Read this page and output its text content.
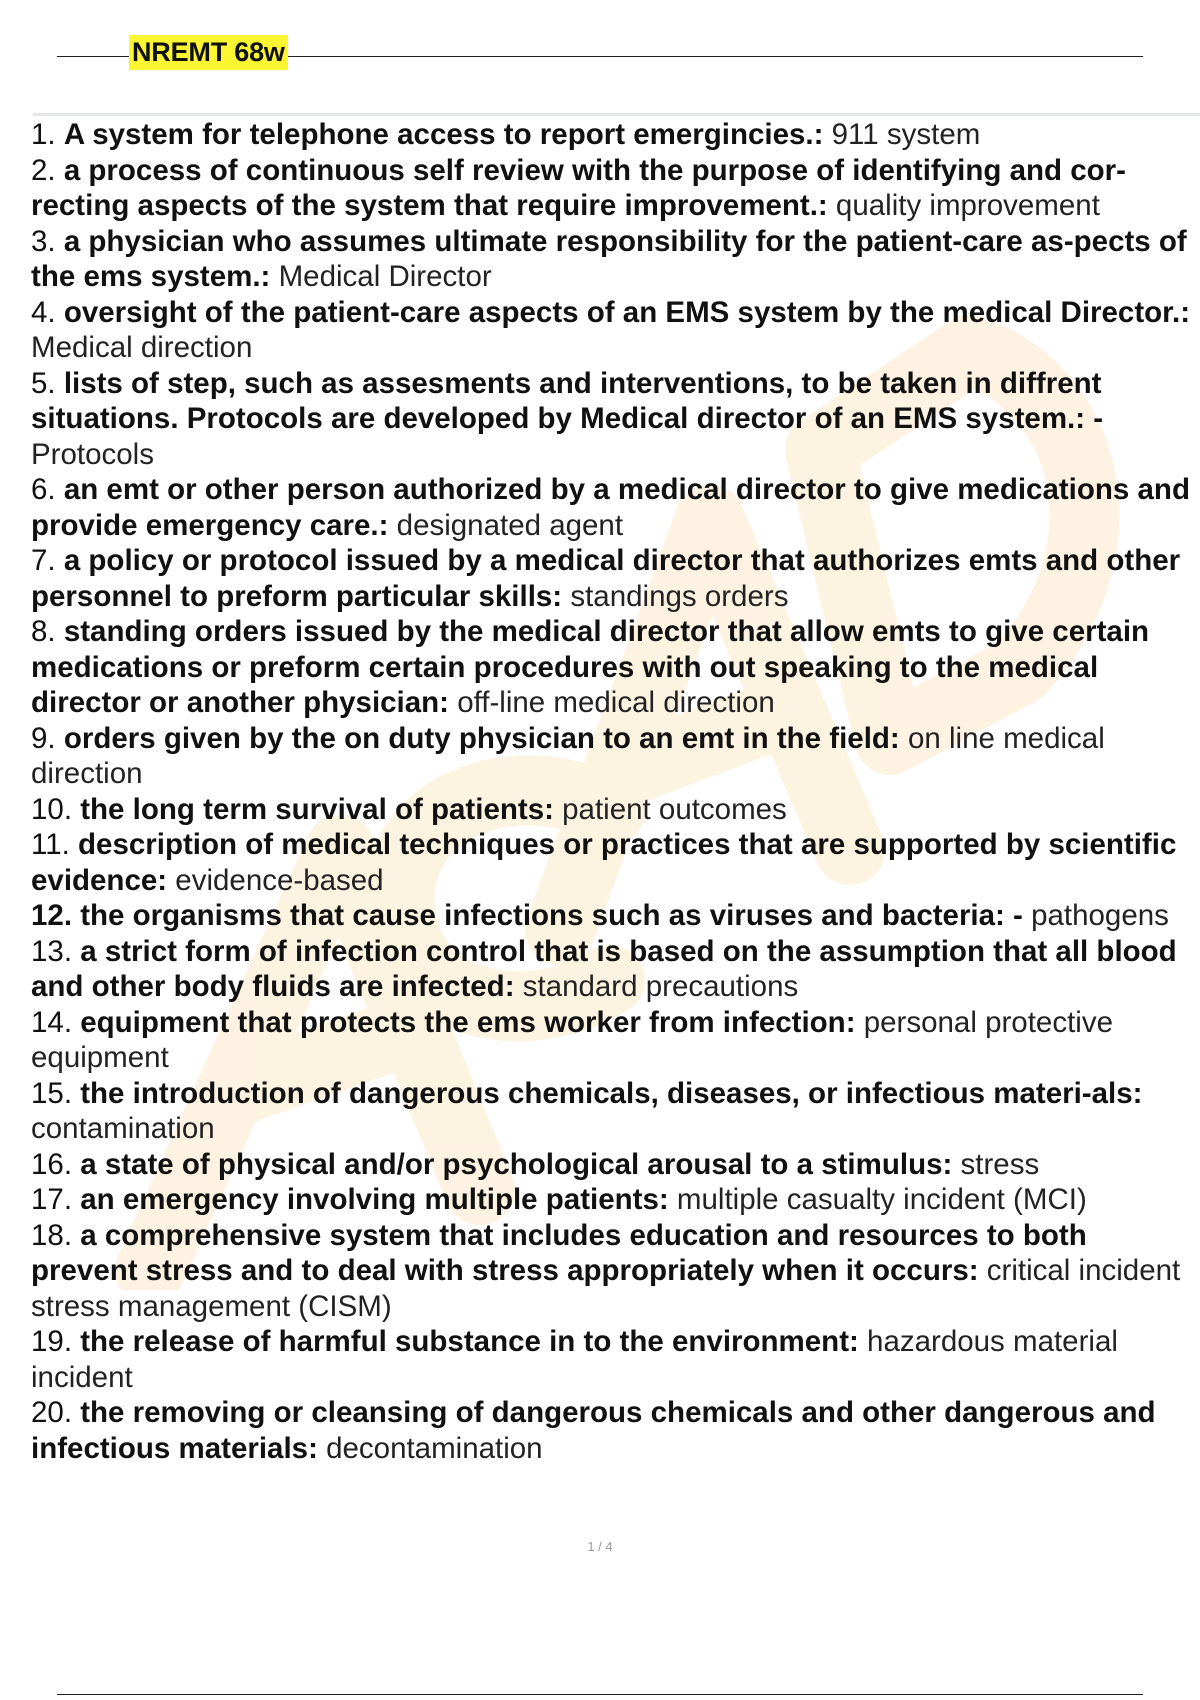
NREMT 68w

1. A system for telephone access to report emergincies.: 911 system

2. a process of continuous self review with the purpose of identifying and cor-recting aspects of the system that require improvement.: quality improvement

3. a physician who assumes ultimate responsibility for the patient-care as-pects of the ems system.: Medical Director

4. oversight of the patient-care aspects of an EMS system by the medical Director.: Medical direction

5. lists of step, such as assesments and interventions, to be taken in diffrent situations. Protocols are developed by Medical director of an EMS system.: - Protocols

6. an emt or other person authorized by a medical director to give medications and provide emergency care.: designated agent

7. a policy or protocol issued by a medical director that authorizes emts and other personnel to preform particular skills: standings orders

8. standing orders issued by the medical director that allow emts to give certain medications or preform certain procedures with out speaking to the medical director or another physician: off-line medical direction

9. orders given by the on duty physician to an emt in the field: on line medical direction

10. the long term survival of patients: patient outcomes

11. description of medical techniques or practices that are supported by scientific evidence: evidence-based

12. the organisms that cause infections such as viruses and bacteria: - pathogens

13. a strict form of infection control that is based on the assumption that all blood and other body fluids are infected: standard precautions

14. equipment that protects the ems worker from infection: personal protective equipment

15. the introduction of dangerous chemicals, diseases, or infectious materi-als: contamination

16. a state of physical and/or psychological arousal to a stimulus: stress

17. an emergency involving multiple patients: multiple casualty incident (MCI)

18. a comprehensive system that includes education and resources to both prevent stress and to deal with stress appropriately when it occurs: critical incident stress management (CISM)

19. the release of harmful substance in to the environment: hazardous material incident

20. the removing or cleansing of dangerous chemicals and other dangerous and infectious materials: decontamination

1 / 4
